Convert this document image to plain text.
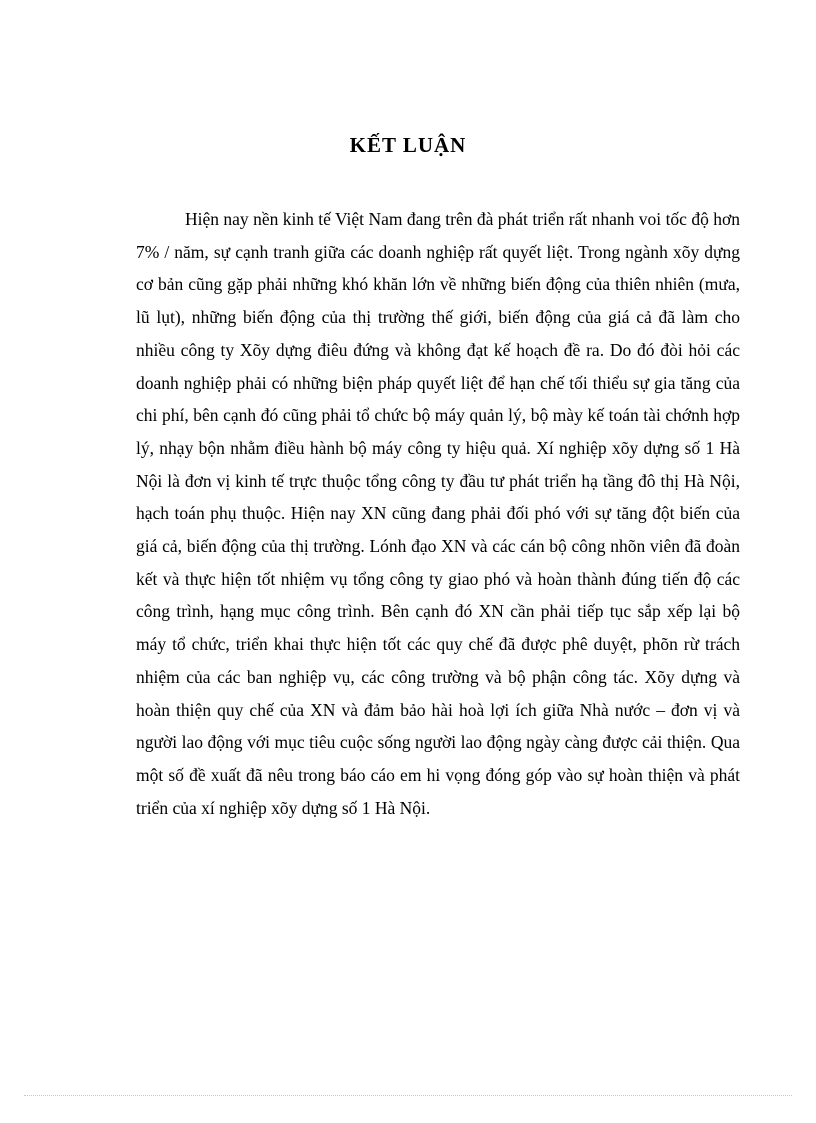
KẾT LUẬN

Hiện nay nền kinh tế Việt Nam đang trên đà phát triển rất nhanh voi tốc độ hơn 7% / năm, sự cạnh tranh giữa các doanh nghiệp rất quyết liệt. Trong ngành xõy dựng cơ bản cũng gặp phải những khó khăn lớn về những biến động của thiên nhiên (mưa, lũ lụt), những biến động của thị trường thế giới, biến động của giá cả đã làm cho nhiều công ty Xõy dựng điêu đứng và không đạt kế hoạch đề ra. Do đó đòi hỏi các doanh nghiệp phải có những biện pháp quyết liệt để hạn chế tối thiểu sự gia tăng của chi phí, bên cạnh đó cũng phải tổ chức bộ máy quản lý, bộ mày kế toán tài chớnh hợp lý, nhạy bộn nhằm điều hành bộ máy công ty hiệu quả. Xí nghiệp xõy dựng số 1 Hà Nội là đơn vị kinh tế trực thuộc tổng công ty đầu tư phát triển hạ tầng đô thị Hà Nội, hạch toán phụ thuộc. Hiện nay XN cũng đang phải đối phó với sự tăng đột biến của giá cả, biến động của thị trường. Lónh đạo XN và các cán bộ công nhõn viên đã đoàn kết và thực hiện tốt nhiệm vụ tổng công ty giao phó và hoàn thành đúng tiến độ các công trình, hạng mục công trình. Bên cạnh đó XN cần phải tiếp tục sắp xếp lại bộ máy tổ chức, triển khai thực hiện tốt các quy chế đã được phê duyệt, phõn rừ trách nhiệm của các ban nghiệp vụ, các công trường và bộ phận công tác. Xõy dựng và hoàn thiện quy chế của XN và đảm bảo hài hoà lợi ích giữa Nhà nước – đơn vị và người lao động với mục tiêu cuộc sống người lao động ngày càng được cải thiện. Qua một số đề xuất đã nêu trong báo cáo em hi vọng đóng góp vào sự hoàn thiện và phát triển của xí nghiệp xõy dựng số 1 Hà Nội.
